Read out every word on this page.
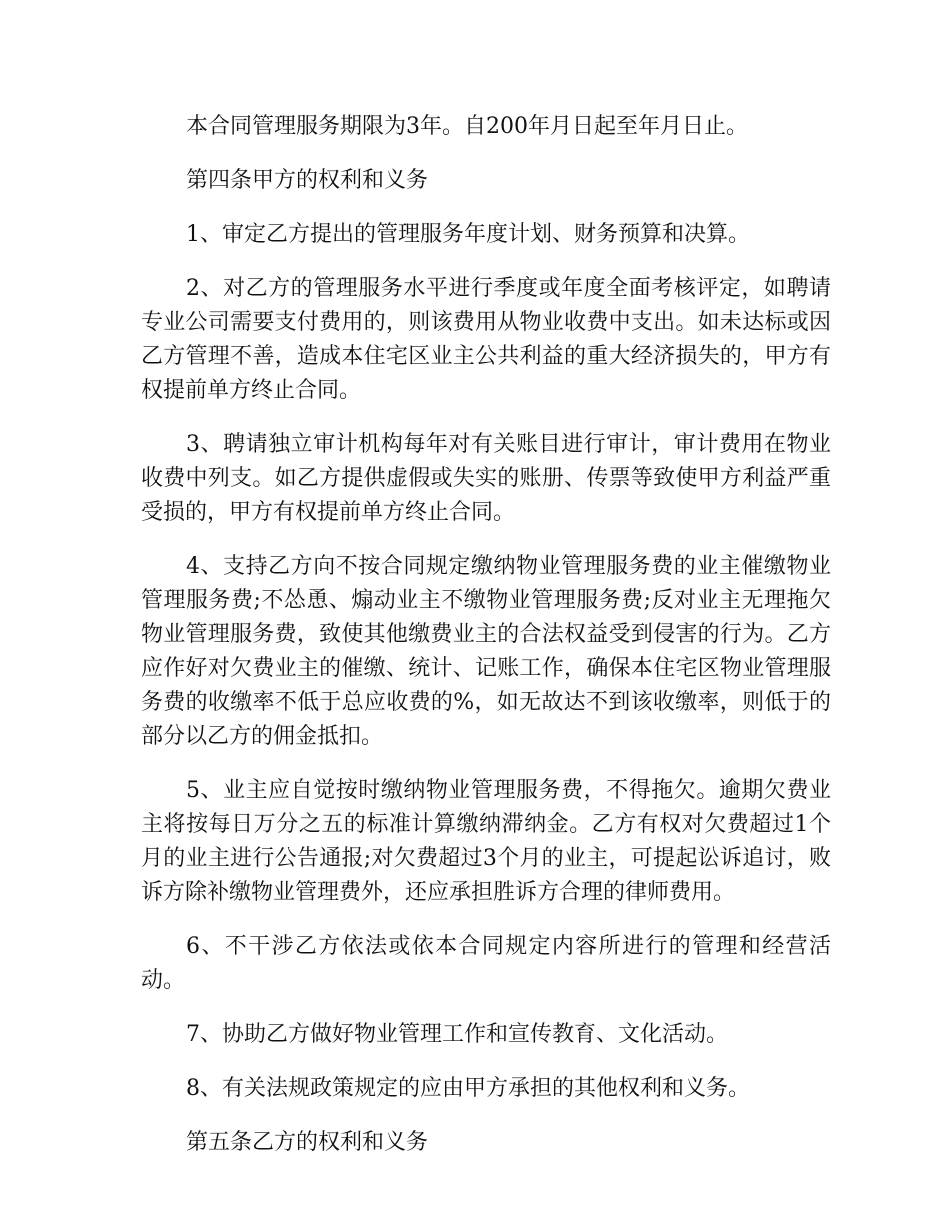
本合同管理服务期限为3年。自200年月日起至年月日止。

第四条甲方的权利和义务

1、审定乙方提出的管理服务年度计划、财务预算和决算。

2、对乙方的管理服务水平进行季度或年度全面考核评定，如聘请专业公司需要支付费用的，则该费用从物业收费中支出。如未达标或因乙方管理不善，造成本住宅区业主公共利益的重大经济损失的，甲方有权提前单方终止合同。

3、聘请独立审计机构每年对有关账目进行审计，审计费用在物业收费中列支。如乙方提供虚假或失实的账册、传票等致使甲方利益严重受损的，甲方有权提前单方终止合同。

4、支持乙方向不按合同规定缴纳物业管理服务费的业主催缴物业管理服务费;不怂恿、煽动业主不缴物业管理服务费;反对业主无理拖欠物业管理服务费，致使其他缴费业主的合法权益受到侵害的行为。乙方应作好对欠费业主的催缴、统计、记账工作，确保本住宅区物业管理服务费的收缴率不低于总应收费的%，如无故达不到该收缴率，则低于的部分以乙方的佣金抵扣。

5、业主应自觉按时缴纳物业管理服务费，不得拖欠。逾期欠费业主将按每日万分之五的标准计算缴纳滞纳金。乙方有权对欠费超过1个月的业主进行公告通报;对欠费超过3个月的业主，可提起讼诉追讨，败诉方除补缴物业管理费外，还应承担胜诉方合理的律师费用。

6、不干涉乙方依法或依本合同规定内容所进行的管理和经营活动。

7、协助乙方做好物业管理工作和宣传教育、文化活动。

8、有关法规政策规定的应由甲方承担的其他权利和义务。

第五条乙方的权利和义务
